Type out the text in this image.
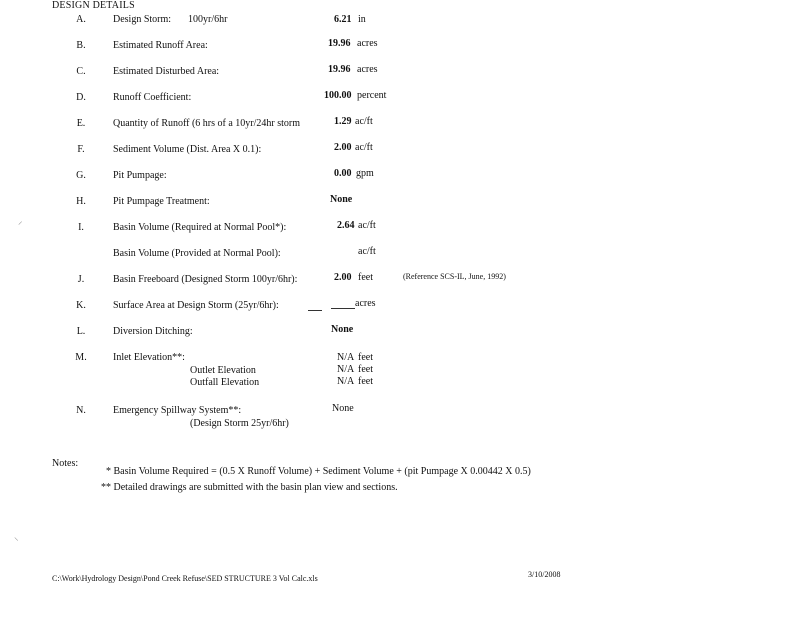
DESIGN DETAILS
A.	Design Storm: 100yr/6hr	6.21 in
B.	Estimated Runoff Area:	19.96 acres
C.	Estimated Disturbed Area:	19.96 acres
D.	Runoff Coefficient:	100.00 percent
E.	Quantity of Runoff (6 hrs of a 10yr/24hr storm	1.29 ac/ft
F.	Sediment Volume (Dist. Area X 0.1):	2.00 ac/ft
G.	Pit Pumpage:	0.00 gpm
H.	Pit Pumpage Treatment:	None
I.	Basin Volume (Required at Normal Pool*):	2.64 ac/ft
Basin Volume (Provided at Normal Pool):	ac/ft
J.	Basin Freeboard (Designed Storm 100yr/6hr):	2.00 feet	(Reference SCS-IL, June, 1992)
K.	Surface Area at Design Storm (25yr/6hr):	acres
L.	Diversion Ditching:	None
M.	Inlet Elevation**:	N/A feet
Outlet Elevation	N/A feet
Outfall Elevation	N/A feet
N.	Emergency Spillway System**:	None
(Design Storm 25yr/6hr)
Notes:
* Basin Volume Required = (0.5 X Runoff Volume) + Sediment Volume + (pit Pumpage X 0.00442 X 0.5)
** Detailed drawings are submitted with the basin plan view and sections.
C:\Work\Hydrology Design\Pond Creek Refuse\SED STRUCTURE 3 Vol Calc.xls	3/10/2008
⸝
⸜
